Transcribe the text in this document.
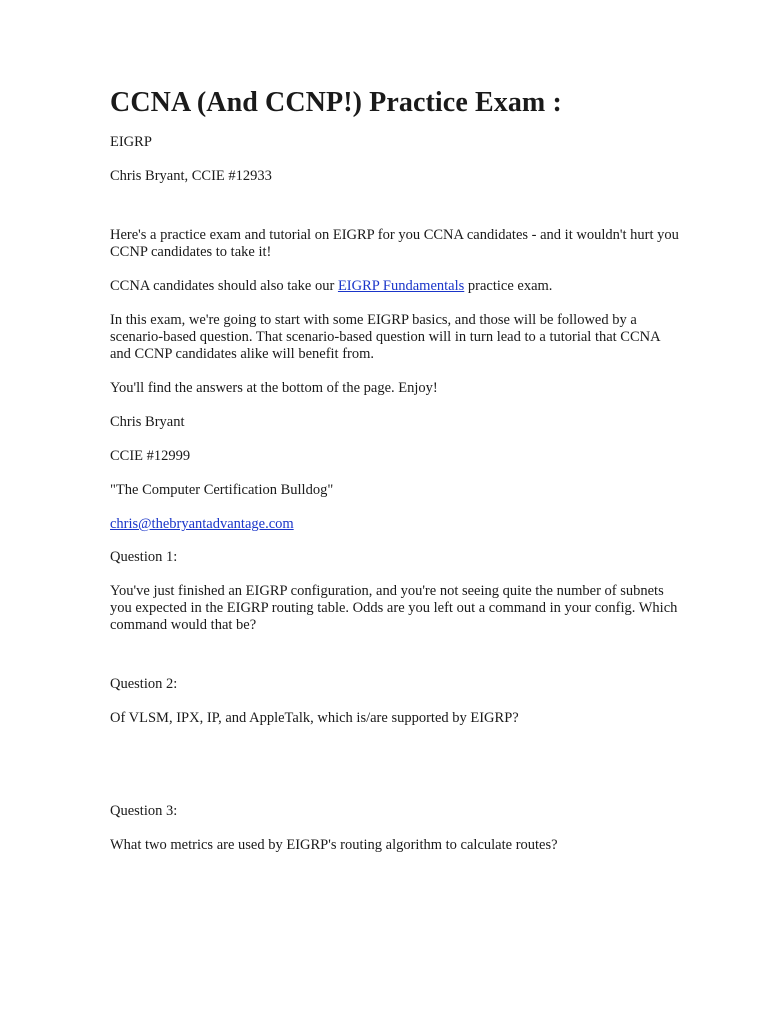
CCNA (And CCNP!) Practice Exam :

EIGRP

Chris Bryant, CCIE #12933

Here's a practice exam and tutorial on EIGRP for you CCNA candidates - and it wouldn't hurt you CCNP candidates to take it!

CCNA candidates should also take our EIGRP Fundamentals practice exam.

In this exam, we're going to start with some EIGRP basics, and those will be followed by a scenario-based question. That scenario-based question will in turn lead to a tutorial that CCNA and CCNP candidates alike will benefit from.

You'll find the answers at the bottom of the page. Enjoy!

Chris Bryant

CCIE #12999

"The Computer Certification Bulldog"

chris@thebryantadvantage.com

Question 1:

You've just finished an EIGRP configuration, and you're not seeing quite the number of subnets you expected in the EIGRP routing table. Odds are you left out a command in your config. Which command would that be?

Question 2:

Of VLSM, IPX, IP, and AppleTalk, which is/are supported by EIGRP?

Question 3:

What two metrics are used by EIGRP's routing algorithm to calculate routes?
